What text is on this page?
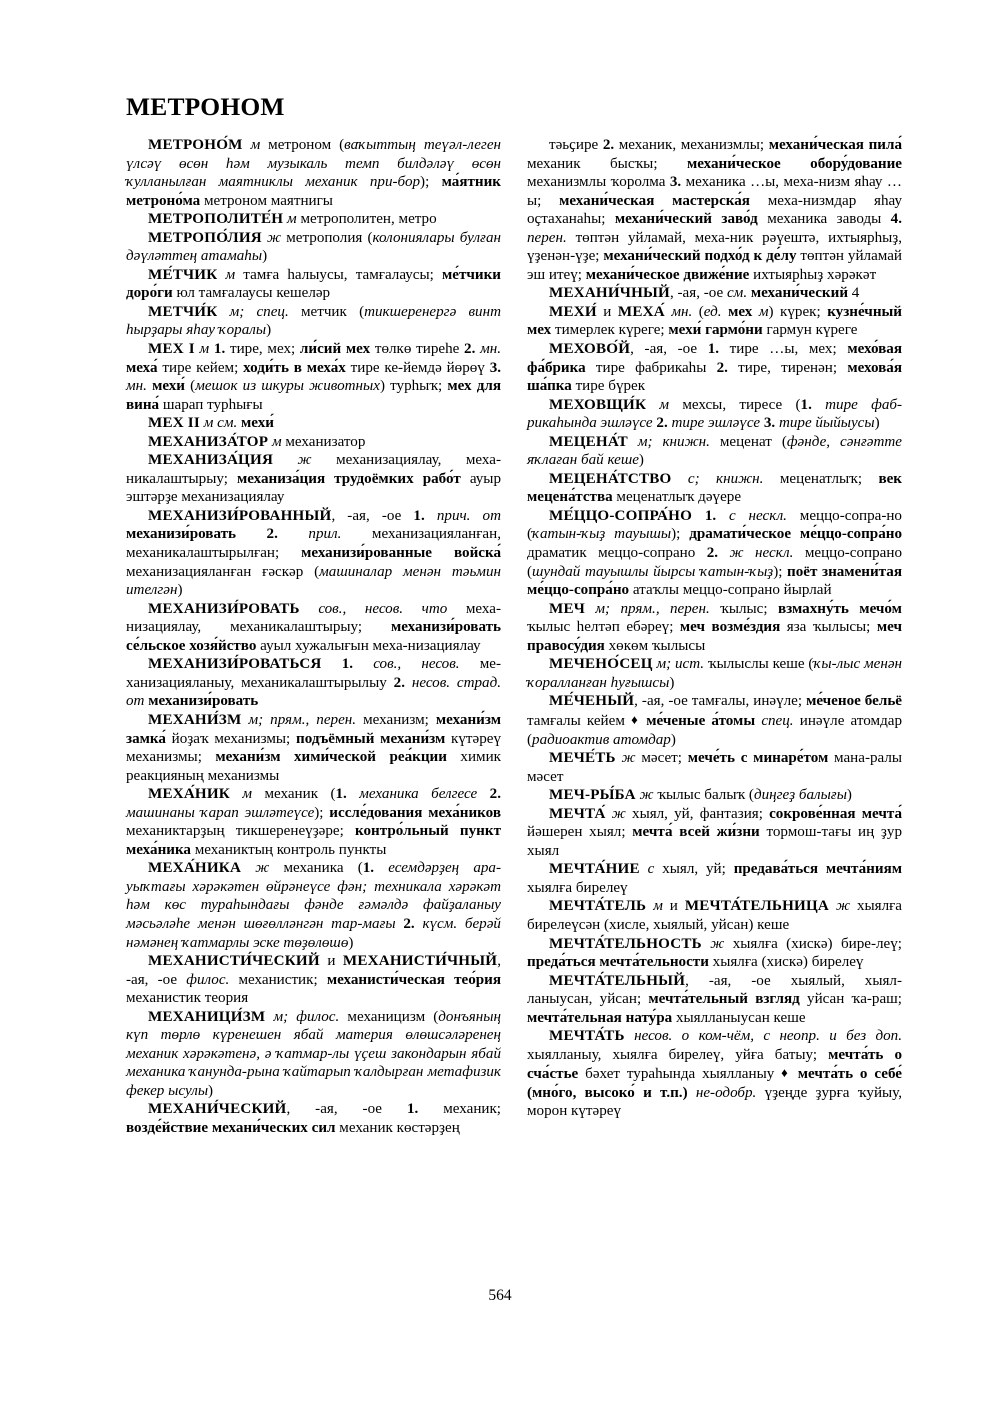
МЕТРОНОМ

МЕТРОНО́М м метроном (ваҡыттың теүәл-леген үлсәү өсөн һәм музыкаль темп билдәләү өсөн ҡулланылған маятниклы механик при-бор); ма́ятник метроно́ма метроном маятнигы

МЕТРОПОЛИТЕ́Н м метрополитен, метро

МЕТРОПО́ЛИЯ ж метрополия (колониялары булған дәүләттең атамаһы)

МЕ́ТЧИК м тамға һалыусы, тамғалаусы; ме́тчики доро́ги юл тамғалаусы кешеләр

МЕТЧИ́К м; спец. метчик (тикшеренергә винт һырҙары яһау ҡоралы)

МЕХ I м 1. тире, мех; ли́сий мех төлкө тиреһе 2. мн. меха́ тире кейем; ходи́ть в меха́х тире ке-йемдә йөрөү 3. мн. мехи́ (мешок из шкуры животных) турһыҡ; мех для вина́ шарап турһығы

МЕХ II м см. мехи́

МЕХАНИЗА́ТОР м механизатор

МЕХАНИЗА́ЦИЯ ж механизациялау, меха-никалаштырыу; механиза́ция трудоёмких рабо́т ауыр эштәрҙе механизациялау

МЕХАНИЗИ́РОВАННЫЙ, -ая, -ое 1. прич. от механизи́ровать 2. прил. механизацияланған, механикалаштырылған; механизи́рованные войска́ механизацияланған ғәскәр (машиналар менән тәьмин ителгән)

МЕХАНИЗИ́РОВАТЬ сов., несов. что меха-низациялау, механикалаштырыу; механизи́ровать се́льское хозя́йство ауыл хужалығын меха-низациялау

МЕХАНИЗИ́РОВАТЬСЯ 1. сов., несов. ме-ханизацияланыу, механикалаштырылыу 2. несов. страд. от механизи́ровать

МЕХАНИ́ЗМ м; прям., перен. механизм; механи́зм замка́ йоҙаҡ механизмы; подъёмный механи́зм күтәреү механизмы; механи́зм хими́ческой реа́кции химик реакцияның механизмы

МЕХА́НИК м механик (1. механика белгесе 2. машинаны ҡарап эшләтеүсе); иссле́дования меха́ников механиктарҙың тикшеренеүҙәре; контро́льный пункт меха́ника механиктың контроль пункты

МЕХА́НИКА ж механика (1. есемдәрҙең ара-уыҡтағы хәрәкәтен өйрәнеүсе фән; техникала хәрәкәт һәм көс тураһындағы фәнде ғәмәлдә файҙаланыу мәсьәләһе менән шөғөлләнгән тар-мағы 2. күсм. берәй нәмәнең ҡатмарлы эске төҙөлөшө)

МЕХАНИСТИ́ЧЕСКИЙ и МЕХАНИСТИ́ЧНЫЙ, -ая, -ое филос. механистик; механисти́ческая тео́рия механистик теория

МЕХАНИЦИ́ЗМ м; филос. механицизм (донъяның күп төрлө күренешен ябай материя өлөшсәләренең механик хәрәкәтенә, ә ҡатмар-лы үҫеш закондарын ябай механика ҡанунда-рына ҡайтарып ҡалдырған метафизик фекер ысулы)

МЕХАНИ́ЧЕСКИЙ, -ая, -ое 1. механик; возде́йствие механи́ческих сил механик көстәрҙең

тәьҫире 2. механик, механизмлы; механи́ческая пила́ механик бысҡы; механи́ческое обору́дование механизмлы ҡоролма 3. механика …ы, меха-низм яһау …ы; механи́ческая мастерска́я меха-низмдар яһау оҫтаханаһы; механи́ческий заво́д механика заводы 4. перен. төптән уйламай, меха-ник рәүештә, ихтыярһыҙ, үҙенән-үҙе; механи́ческий подхо́д к де́лу төптән уйламай эш итеү; механи́ческое движе́ние ихтыярһыҙ хәрәкәт

МЕХАНИ́ЧНЫЙ, -ая, -ое см. механи́ческий 4

МЕХИ́ и МЕХА́ мн. (ед. мех м) күрек; кузне́чный мех тимерлек күреге; мехи́ гармо́ни гармун күреге

МЕХОВО́Й, -ая, -ое 1. тире …ы, мех; мехо́вая фа́брика тире фабрикаһы 2. тире, тиренән; мехова́я ша́пка тире бүрек

МЕХОВЩИ́К м мехсы, тиресе (1. тире фаб-рикаһында эшләүсе 2. тире эшләүсе 3. тире йыйыусы)

МЕЦЕНА́Т м; книжн. меценат (фәнде, сәнғәтте яҡлаған бай кеше)

МЕЦЕНА́ТСТВО с; книжн. меценатлыҡ; век мецена́тства меценатлыҡ дәүере

МЕ́ЦЦО-СОПРА́НО 1. с нескл. меццо-сопра-но (ҡатын-ҡыҙ тауышы); драмати́ческое ме́ццо-сопра́но драматик меццо-сопрано 2. ж нескл. меццо-сопрано (шундай тауышлы йырсы ҡатын-ҡыҙ); поёт знамени́тая ме́ццо-сопра́но атаҡлы меццо-сопрано йырлай

МЕЧ м; прям., перен. ҡылыс; взмахну́ть мечо́м ҡылыс һелтәп ебәреү; меч возме́здия яза ҡылысы; меч правосу́дия хөкөм ҡылысы

МЕЧЕНО́СЕЦ м; ист. ҡылыслы кеше (ҡы-лыс менән ҡоралланған һуғышсы)

МЕ́ЧЕНЫЙ, -ая, -ое тамғалы, инәүле; ме́ченое бельё тамғалы кейем ♦ ме́ченые а́томы спец. инәүле атомдар (радиоактив атомдар)

МЕЧЕ́ТЬ ж мәсет; мече́ть с минаре́том мана-ралы мәсет

МЕЧ-РЫ́БА ж ҡылыс балыҡ (диңгеҙ балығы)

МЕЧТА́ ж хыял, уй, фантазия; сокрове́нная мечта́ йәшерен хыял; мечта́ всей жи́зни тормош-тағы иң ҙур хыял

МЕЧТА́НИЕ с хыял, уй; предава́ться мечта́ниям хыялға бирелеү

МЕЧТА́ТЕЛЬ м и МЕЧТА́ТЕЛЬНИЦА ж хыялға бирелеүсән (хисле, хыялый, уйсан) кеше

МЕЧТА́ТЕЛЬНОСТЬ ж хыялға (хискә) бире-леү; преда́ться мечта́тельности хыялға (хискә) бирелеү

МЕЧТА́ТЕЛЬНЫЙ, -ая, -ое хыялый, хыял-ланыусан, уйсан; мечта́тельный взгляд уйсан ҡа-раш; мечта́тельная нату́ра хыялланыусан кеше

МЕЧТА́ТЬ несов. о ком-чём, с неопр. и без доп. хыялланыу, хыялға бирелеү, уйға батыу; мечта́ть о сча́стье бәхет тураһында хыялланыу ♦ мечта́ть о себе́ (мно́го, высоко́ и т.п.) не-одобр. үҙеңде ҙурға ҡуйыу, морон күтәреү

564
